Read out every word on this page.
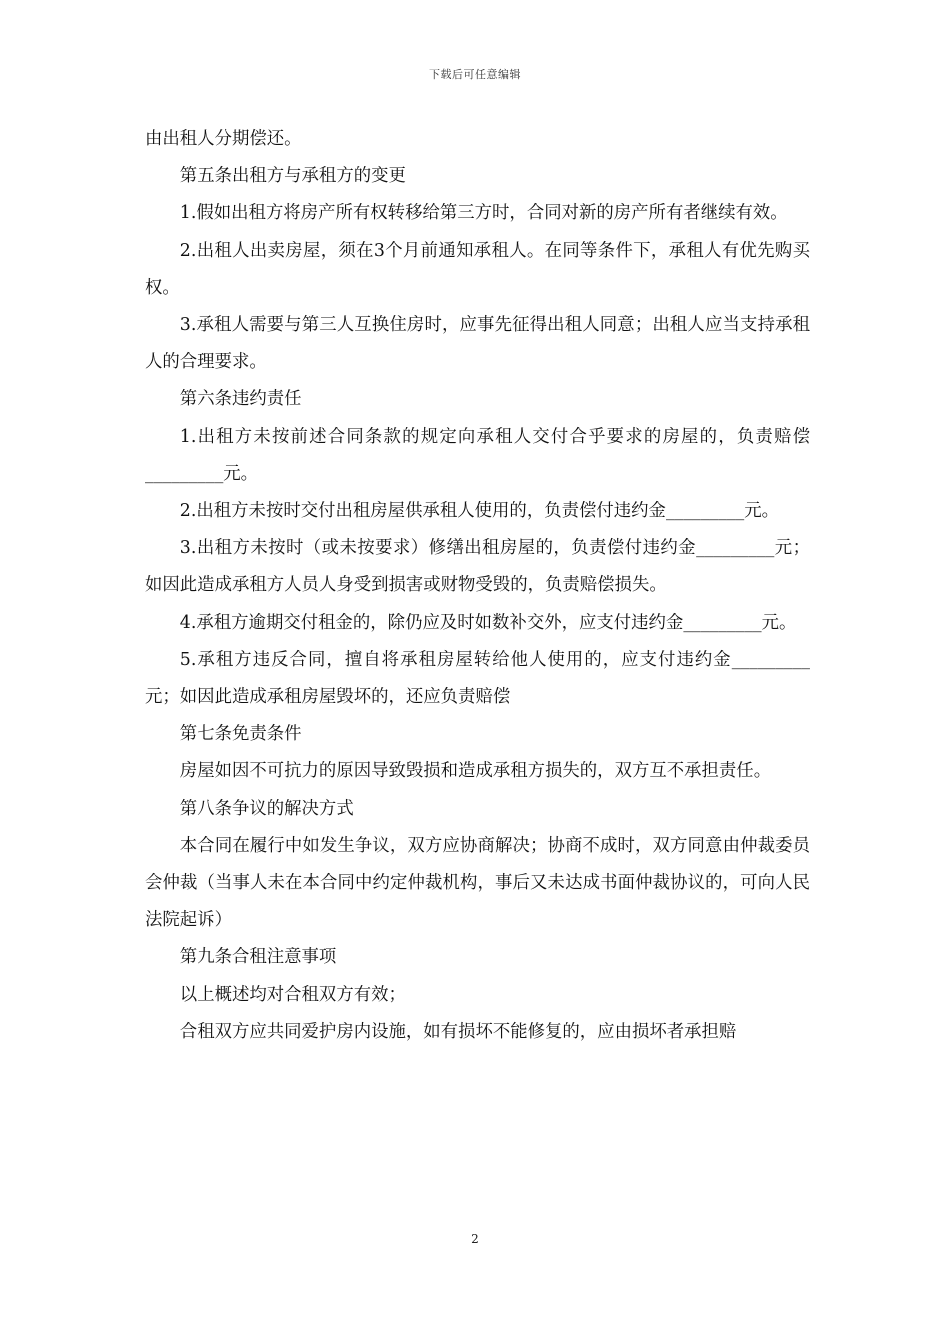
下载后可任意编辑

由出租人分期偿还。

第五条出租方与承租方的变更

1.假如出租方将房产所有权转移给第三方时，合同对新的房产所有者继续有效。

2.出租人出卖房屋，须在3个月前通知承租人。在同等条件下，承租人有优先购买权。

3.承租人需要与第三人互换住房时，应事先征得出租人同意；出租人应当支持承租人的合理要求。

第六条违约责任

1.出租方未按前述合同条款的规定向承租人交付合乎要求的房屋的，负责赔偿_________元。

2.出租方未按时交付出租房屋供承租人使用的，负责偿付违约金_________元。

3.出租方未按时（或未按要求）修缮出租房屋的，负责偿付违约金_________元；如因此造成承租方人员人身受到损害或财物受毁的，负责赔偿损失。

4.承租方逾期交付租金的，除仍应及时如数补交外，应支付违约金_________元。

5.承租方违反合同，擅自将承租房屋转给他人使用的，应支付违约金_________元；如因此造成承租房屋毁坏的，还应负责赔偿

第七条免责条件

房屋如因不可抗力的原因导致毁损和造成承租方损失的，双方互不承担责任。

第八条争议的解决方式

本合同在履行中如发生争议，双方应协商解决；协商不成时，双方同意由仲裁委员会仲裁（当事人未在本合同中约定仲裁机构，事后又未达成书面仲裁协议的，可向人民法院起诉）

第九条合租注意事项

以上概述均对合租双方有效；

合租双方应共同爱护房内设施，如有损坏不能修复的，应由损坏者承担赔

2
